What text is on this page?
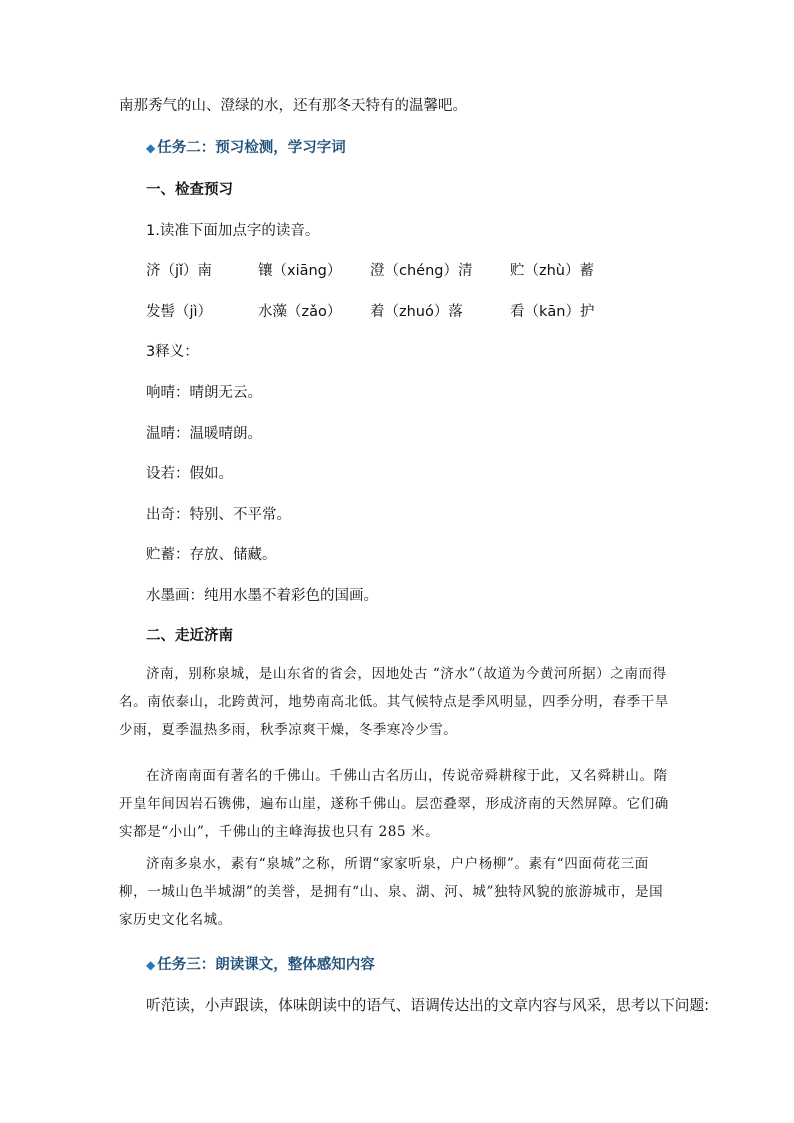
南那秀气的山、澄绿的水，还有那冬天特有的温馨吧。
◆ 任务二：预习检测，学习字词
一、检查预习
1.读准下面加点字的读音。
济（jǐ）南	镶（xiāng） 澄（chéng）清	贮（zhù）蓄
发髻（jì）	水藻（zǎo） 着（zhuó）落	看（kān）护
3释义：
响晴：晴朗无云。
温晴：温暖晴朗。
设若：假如。
出奇：特别、不平常。
贮蓄：存放、储藏。
水墨画：纯用水墨不着彩色的国画。
二、走近济南
济南，别称泉城，是山东省的省会，因地处古 “济水”（故道为今黄河所据）之南而得名。南依泰山，北跨黄河，地势南高北低。其气候特点是季风明显，四季分明，春季干旱少雨，夏季温热多雨，秋季凉爽干燥，冬季寒冷少雪。
在济南南面有著名的千佛山。千佛山古名历山，传说帝舜耕稼于此，又名舜耕山。隋开皇年间因岩石镌佛，遍布山崖，遂称千佛山。层峦叠翠，形成济南的天然屏障。它们确实都是“小山”，千佛山的主峰海拔也只有 285 米。
济南多泉水，素有“泉城”之称，所谓“家家听泉，户户杨柳”。素有“四面荷花三面柳，一城山色半城湖”的美誉，是拥有“山、泉、湖、河、城”独特风貌的旅游城市，是国家历史文化名城。
◆ 任务三：朗读课文，整体感知内容
听范读，小声跟读，体味朗读中的语气、语调传达出的文章内容与风采，思考以下问题:
